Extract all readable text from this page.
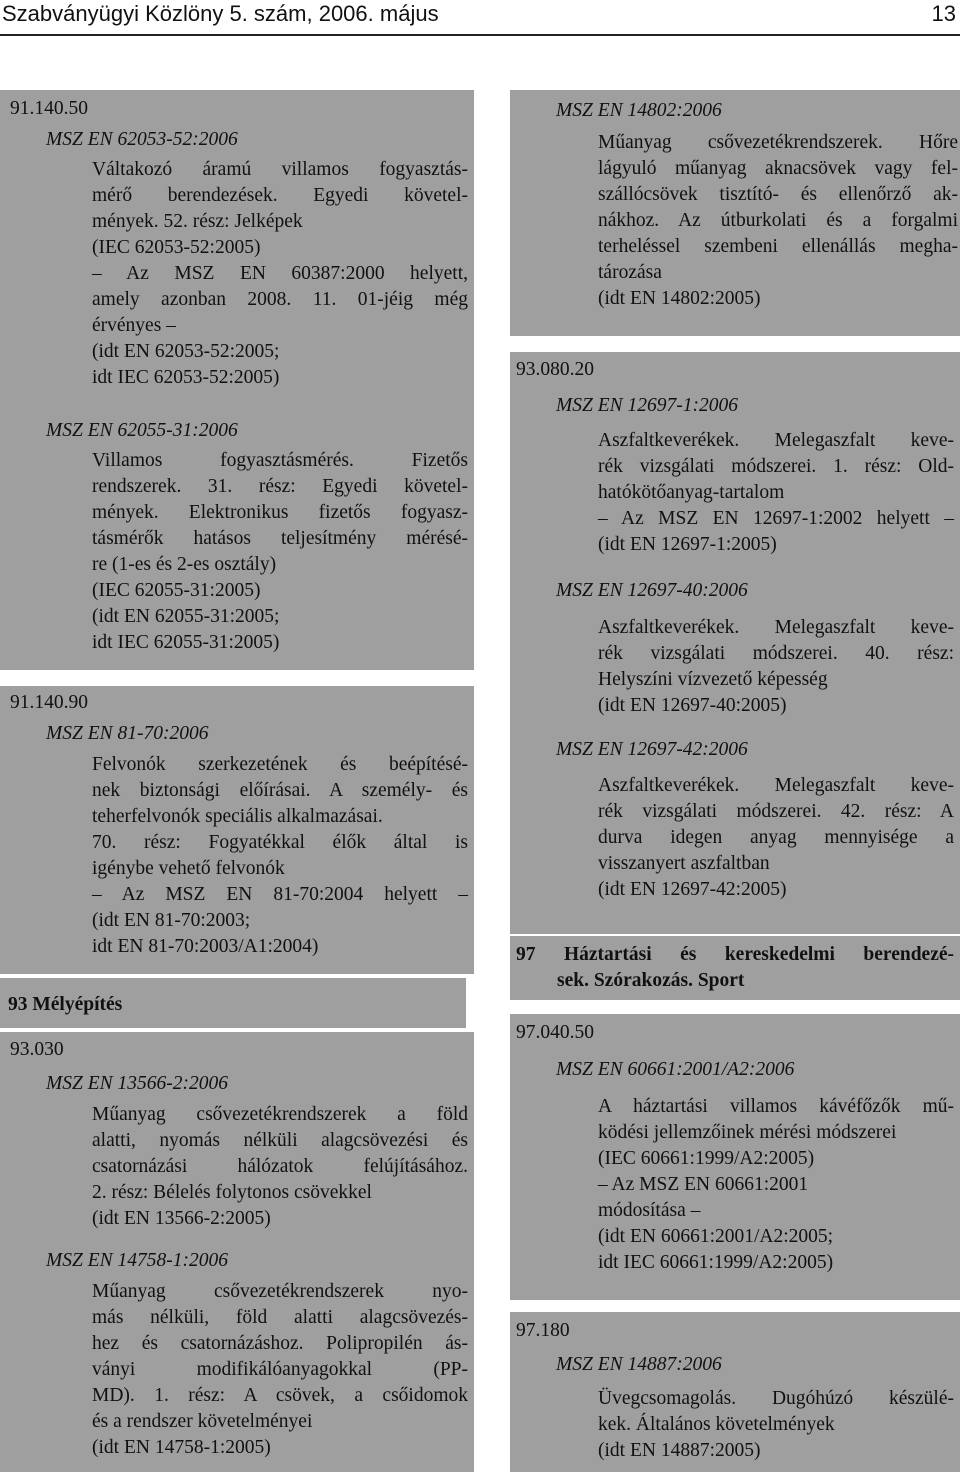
Szabványügyi Közlöny 5. szám, 2006. május	13
91.140.50
MSZ EN 62053-52:2006
Váltakozó áramú villamos fogyasztás-
mérő berendezések. Egyedi követel-
mények. 52. rész: Jelképek
(IEC 62053-52:2005)
– Az MSZ EN 60387:2000 helyett,
amely azonban 2008. 11. 01-jéig még
érvényes –
(idt EN 62053-52:2005;
idt IEC 62053-52:2005)
MSZ EN 62055-31:2006
Villamos fogyasztásmérés. Fizetős
rendszerek. 31. rész: Egyedi követel-
mények. Elektronikus fizetős fogyasz-
tásmérők hatásos teljesítmény mérésé-
re (1-es és 2-es osztály)
(IEC 62055-31:2005)
(idt EN 62055-31:2005;
idt IEC 62055-31:2005)
91.140.90
MSZ EN 81-70:2006
Felvonók szerkezetének és beépítésé-
nek biztonsági előírásai. A személy- és
teherfelvonók speciális alkalmazásai.
70. rész: Fogyatékkal élők által is
igénybe vehető felvonók
– Az MSZ EN 81-70:2004 helyett –
(idt EN 81-70:2003;
idt EN 81-70:2003/A1:2004)
93 Mélyépítés
93.030
MSZ EN 13566-2:2006
Műanyag csővezetékrendszerek a föld
alatti, nyomás nélküli alagcsövezési és
csatornázási hálózatok felújításához.
2. rész: Bélelés folytonos csövekkel
(idt EN 13566-2:2005)
MSZ EN 14758-1:2006
Műanyag csővezetékrendszerek nyo-
más nélküli, föld alatti alagcsövezés-
hez és csatornázáshoz. Polipropilén ás-
ványi modifikálóanyagokkal (PP-
MD). 1. rész: A csövek, a csőidomok
és a rendszer követelményei
(idt EN 14758-1:2005)
MSZ EN 14802:2006
Műanyag csővezetékrendszerek. Hőre
lágyuló műanyag aknacsövek vagy fel-
szállócsövek tisztító- és ellenőrző ak-
nákhoz. Az útburkolati és a forgalmi
terheléssel szembeni ellenállás megha-
tározása
(idt EN 14802:2005)
93.080.20
MSZ EN 12697-1:2006
Aszfaltkeverékek. Melegaszfalt keve-
rék vizsgálati módszerei. 1. rész: Old-
hatókötőanyag-tartalom
– Az MSZ EN 12697-1:2002 helyett –
(idt EN 12697-1:2005)
MSZ EN 12697-40:2006
Aszfaltkeverékek. Melegaszfalt keve-
rék vizsgálati módszerei. 40. rész:
Helyszíni vízvezető képesség
(idt EN 12697-40:2005)
MSZ EN 12697-42:2006
Aszfaltkeverékek. Melegaszfalt keve-
rék vizsgálati módszerei. 42. rész: A
durva idegen anyag mennyisége a
visszanyert aszfaltban
(idt EN 12697-42:2005)
97 Háztartási és kereskedelmi berendezé-
sek. Szórakozás. Sport
97.040.50
MSZ EN 60661:2001/A2:2006
A háztartási villamos kávéfőzők mű-
ködési jellemzőinek mérési módszerei
(IEC 60661:1999/A2:2005)
– Az MSZ EN 60661:2001
módosítása –
(idt EN 60661:2001/A2:2005;
idt IEC 60661:1999/A2:2005)
97.180
MSZ EN 14887:2006
Üvegcsomagolás. Dugóhúzó készülé-
kek. Általános követelmények
(idt EN 14887:2005)
